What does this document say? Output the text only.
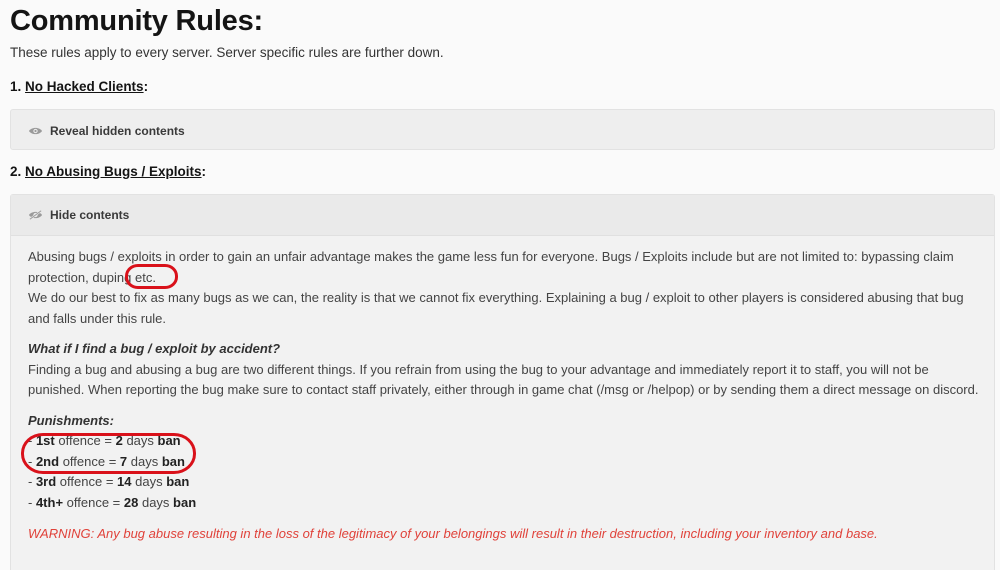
Community Rules:
These rules apply to every server. Server specific rules are further down.
1. No Hacked Clients:
Reveal hidden contents
2. No Abusing Bugs / Exploits:
Hide contents
Abusing bugs / exploits in order to gain an unfair advantage makes the game less fun for everyone. Bugs / Exploits include but are not limited to: bypassing claim protection, duping etc.
We do our best to fix as many bugs as we can, the reality is that we cannot fix everything. Explaining a bug / exploit to other players is considered abusing that bug and falls under this rule.
What if I find a bug / exploit by accident?
Finding a bug and abusing a bug are two different things. If you refrain from using the bug to your advantage and immediately report it to staff, you will not be punished. When reporting the bug make sure to contact staff privately, either through in game chat (/msg or /helpop) or by sending them a direct message on discord.
Punishments:
- 1st offence = 2 days ban
- 2nd offence = 7 days ban
- 3rd offence = 14 days ban
- 4th+ offence = 28 days ban
WARNING: Any bug abuse resulting in the loss of the legitimacy of your belongings will result in their destruction, including your inventory and base.
